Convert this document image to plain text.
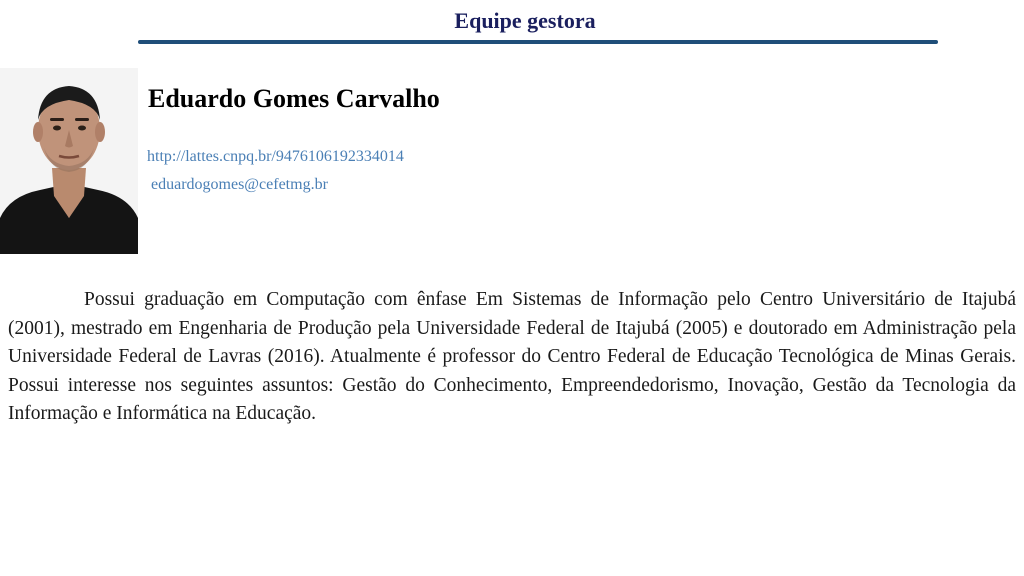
Equipe gestora
Eduardo Gomes Carvalho
http://lattes.cnpq.br/9476106192334014
eduardogomes@cefetmg.br

Possui graduação em Computação com ênfase Em Sistemas de Informação pelo Centro Universitário de Itajubá (2001), mestrado em Engenharia de Produção pela Universidade Federal de Itajubá (2005) e doutorado em Administração pela Universidade Federal de Lavras (2016). Atualmente é professor do Centro Federal de Educação Tecnológica de Minas Gerais. Possui interesse nos seguintes assuntos: Gestão do Conhecimento, Empreendedorismo, Inovação, Gestão da Tecnologia da Informação e Informática na Educação.
